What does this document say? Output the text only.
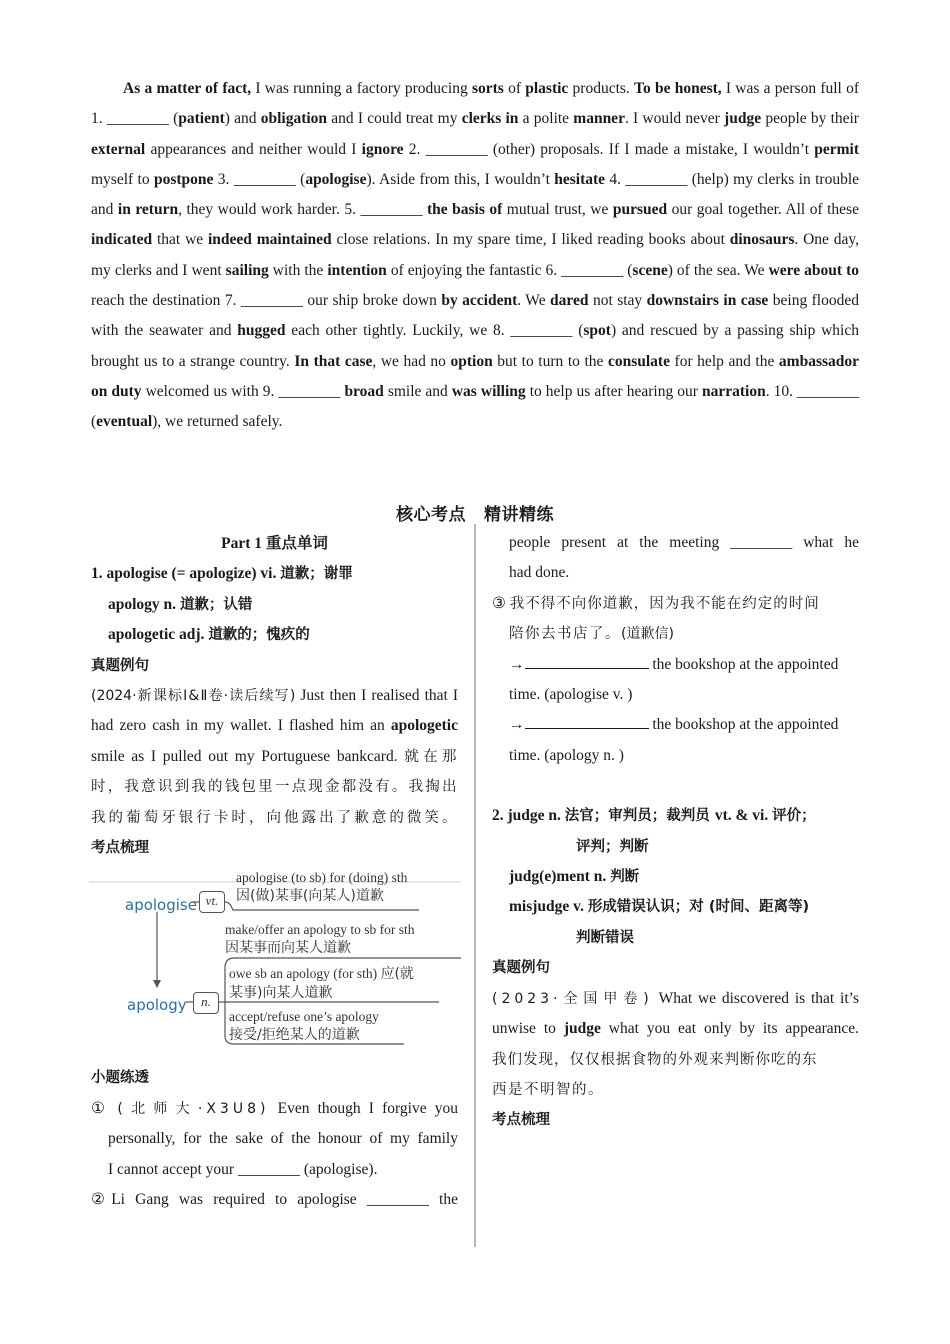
As a matter of fact, I was running a factory producing sorts of plastic products. To be honest, I was a person full of 1. ________ (patient) and obligation and I could treat my clerks in a polite manner. I would never judge people by their external appearances and neither would I ignore 2. ________ (other) proposals. If I made a mistake, I wouldn’t permit myself to postpone 3. ________ (apologise). Aside from this, I wouldn’t hesitate 4. ________ (help) my clerks in trouble and in return, they would work harder. 5. ________ the basis of mutual trust, we pursued our goal together. All of these indicated that we indeed maintained close relations. In my spare time, I liked reading books about dinosaurs. One day, my clerks and I went sailing with the intention of enjoying the fantastic 6. ________ (scene) of the sea. We were about to reach the destination 7. ________ our ship broke down by accident. We dared not stay downstairs in case being flooded with the seawater and hugged each other tightly. Luckily, we 8. ________ (spot) and rescued by a passing ship which brought us to a strange country. In that case, we had no option but to turn to the consulate for help and the ambassador on duty welcomed us with 9. ________ broad smile and was willing to help us after hearing our narration. 10. ________ (eventual), we returned safely.

核心考点 精讲精练
Part 1 重点单词
1. apologise (= apologize) vi. 道歉；谢罪
apology n. 道歉；认错
apologetic adj. 道歉的；愧疚的
真题例句
(2024·新课标Ⅰ&Ⅱ卷·读后续写) Just then I realised that I had zero cash in my wallet. I flashed him an apologetic smile as I pulled out my Portuguese bankcard. 就在那时，我意识到我的钱包里一点现金都没有。我掏出我的葡萄牙银行卡时，向他露出了歉意的微笑。
考点梳理
apologise vt.
apologise (to sb) for (doing) sth
因(做)某事(向某人)道歉
make/offer an apology to sb for sth
因某事而向某人道歉
owe sb an apology (for sth) 应(就
某事)向某人道歉
accept/refuse one’s apology
接受/拒绝某人的道歉
apology	n.
小题练透
① (北师大·X3U8) Even though I forgive you
personally, for the sake of the honour of my family
I cannot accept your ________ (apologise).
②Li Gang was required to apologise ________ the
people present at the meeting ________ what he
had done.
③ 我不得不向你道歉，因为我不能在约定的时间
陪你去书店了。(道歉信)
→	the bookshop at the appointed
time. (apologise v. )
→	the bookshop at the appointed
time. (apology n. )
2. judge n. 法官；审判员；裁判员 vt. & vi. 评价；
评判；判断
judg(e)ment n. 判断
misjudge v. 形成错误认识；对 (时间、距离等)
判断错误
真题例句
(2023·全国甲卷) What we discovered is that it’s
unwise to judge what you eat only by its appearance.
我们发现，仅仅根据食物的外观来判断你吃的东
西是不明智的。
考点梳理
